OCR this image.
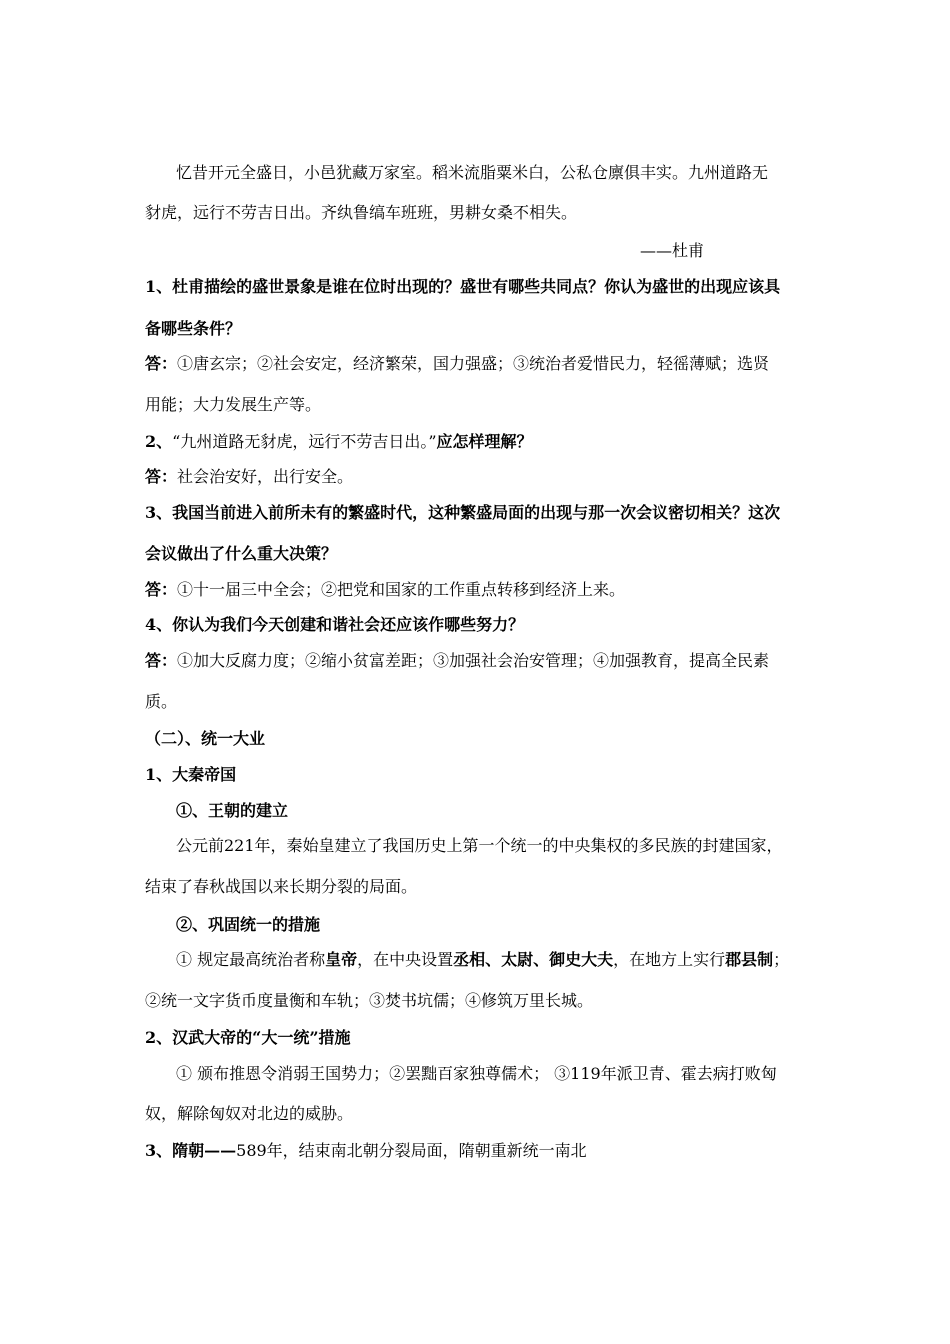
忆昔开元全盛日，小邑犹藏万家室。稻米流脂粟米白，公私仓廪俱丰实。九州道路无
豺虎，远行不劳吉日出。齐纨鲁缟车班班，男耕女桑不相失。
——杜甫
1、杜甫描绘的盛世景象是谁在位时出现的？盛世有哪些共同点？你认为盛世的出现应该具
备哪些条件？
答：①唐玄宗；②社会安定，经济繁荣，国力强盛；③统治者爱惜民力，轻徭薄赋；选贤
用能；大力发展生产等。
2、“九州道路无豺虎，远行不劳吉日出。”应怎样理解？
答：社会治安好，出行安全。
3、我国当前进入前所未有的繁盛时代，这种繁盛局面的出现与那一次会议密切相关？这次
会议做出了什么重大决策？
答：①十一届三中全会；②把党和国家的工作重点转移到经济上来。
4、你认为我们今天创建和谐社会还应该作哪些努力？
答：①加大反腐力度；②缩小贫富差距；③加强社会治安管理；④加强教育，提高全民素
质。
（二）、统一大业
1、大秦帝国
①、王朝的建立
公元前221年，秦始皇建立了我国历史上第一个统一的中央集权的多民族的封建国家，
结束了春秋战国以来长期分裂的局面。
②、巩固统一的措施
① 规定最高统治者称皇帝，在中央设置丞相、太尉、御史大夫，在地方上实行郡县制；
②统一文字货币度量衡和车轨；③焚书坑儒；④修筑万里长城。
2、汉武大帝的“大一统”措施
① 颁布推恩令消弱王国势力；②罢黜百家独尊儒术； ③119年派卫青、霍去病打败匈
奴，解除匈奴对北边的威胁。
3、隋朝——589年，结束南北朝分裂局面，隋朝重新统一南北
